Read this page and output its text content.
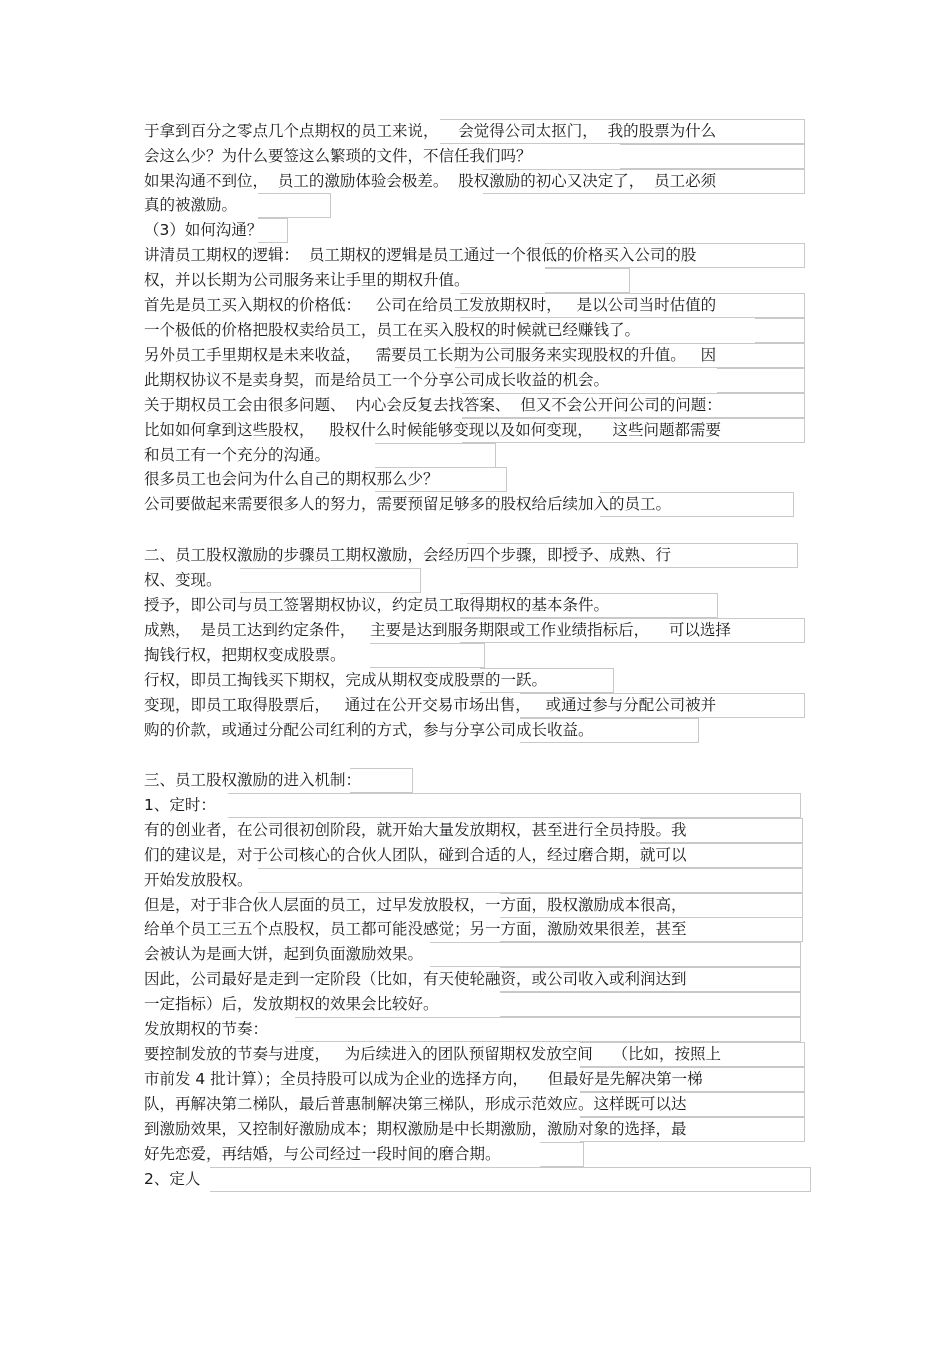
于拿到百分之零点几个点期权的员工来说，    会觉得公司太抠门，  我的股票为什么

会这么少？为什么要签这么繁琐的文件，不信任我们吗？

如果沟通不到位，  员工的激励体验会极差。  股权激励的初心又决定了，  员工必须

真的被激励。

（3）如何沟通？

讲清员工期权的逻辑：  员工期权的逻辑是员工通过一个很低的价格买入公司的股

权，并以长期为公司服务来让手里的期权升值。

首先是员工买入期权的价格低：   公司在给员工发放期权时，   是以公司当时估值的

一个极低的价格把股权卖给员工，员工在买入股权的时候就已经赚钱了。

另外员工手里期权是未来收益，   需要员工长期为公司服务来实现股权的升值。   因

此期权协议不是卖身契，而是给员工一个分享公司成长收益的机会。

关于期权员工会由很多问题、  内心会反复去找答案、  但又不会公开问公司的问题：

比如如何拿到这些股权，   股权什么时候能够变现以及如何变现，    这些问题都需要

和员工有一个充分的沟通。

很多员工也会问为什么自己的期权那么少？

公司要做起来需要很多人的努力，需要预留足够多的股权给后续加入的员工。

二、员工股权激励的步骤员工期权激励，会经历四个步骤，即授予、成熟、行

权、变现。

授予，即公司与员工签署期权协议，约定员工取得期权的基本条件。

成熟，  是员工达到约定条件，   主要是达到服务期限或工作业绩指标后，    可以选择

掏钱行权，把期权变成股票。

行权，即员工掏钱买下期权，完成从期权变成股票的一跃。

变现，即员工取得股票后，   通过在公开交易市场出售，   或通过参与分配公司被并

购的价款，或通过分配公司红利的方式，参与分享公司成长收益。

三、员工股权激励的进入机制：

1、定时：

有的创业者，在公司很初创阶段，就开始大量发放期权，甚至进行全员持股。我

们的建议是，对于公司核心的合伙人团队，碰到合适的人，经过磨合期，就可以

开始发放股权。

但是，对于非合伙人层面的员工，过早发放股权，一方面，股权激励成本很高，

给单个员工三五个点股权，员工都可能没感觉；另一方面，激励效果很差，甚至

会被认为是画大饼，起到负面激励效果。

因此，公司最好是走到一定阶段（比如，有天使轮融资，或公司收入或利润达到

一定指标）后，发放期权的效果会比较好。

发放期权的节奏：

要控制发放的节奏与进度，   为后续进入的团队预留期权发放空间    （比如，按照上

市前发 4 批计算）；全员持股可以成为企业的选择方向，    但最好是先解决第一梯

队，再解决第二梯队，最后普惠制解决第三梯队，形成示范效应。这样既可以达

到激励效果，又控制好激励成本；期权激励是中长期激励，激励对象的选择，最

好先恋爱，再结婚，与公司经过一段时间的磨合期。

2、定人
